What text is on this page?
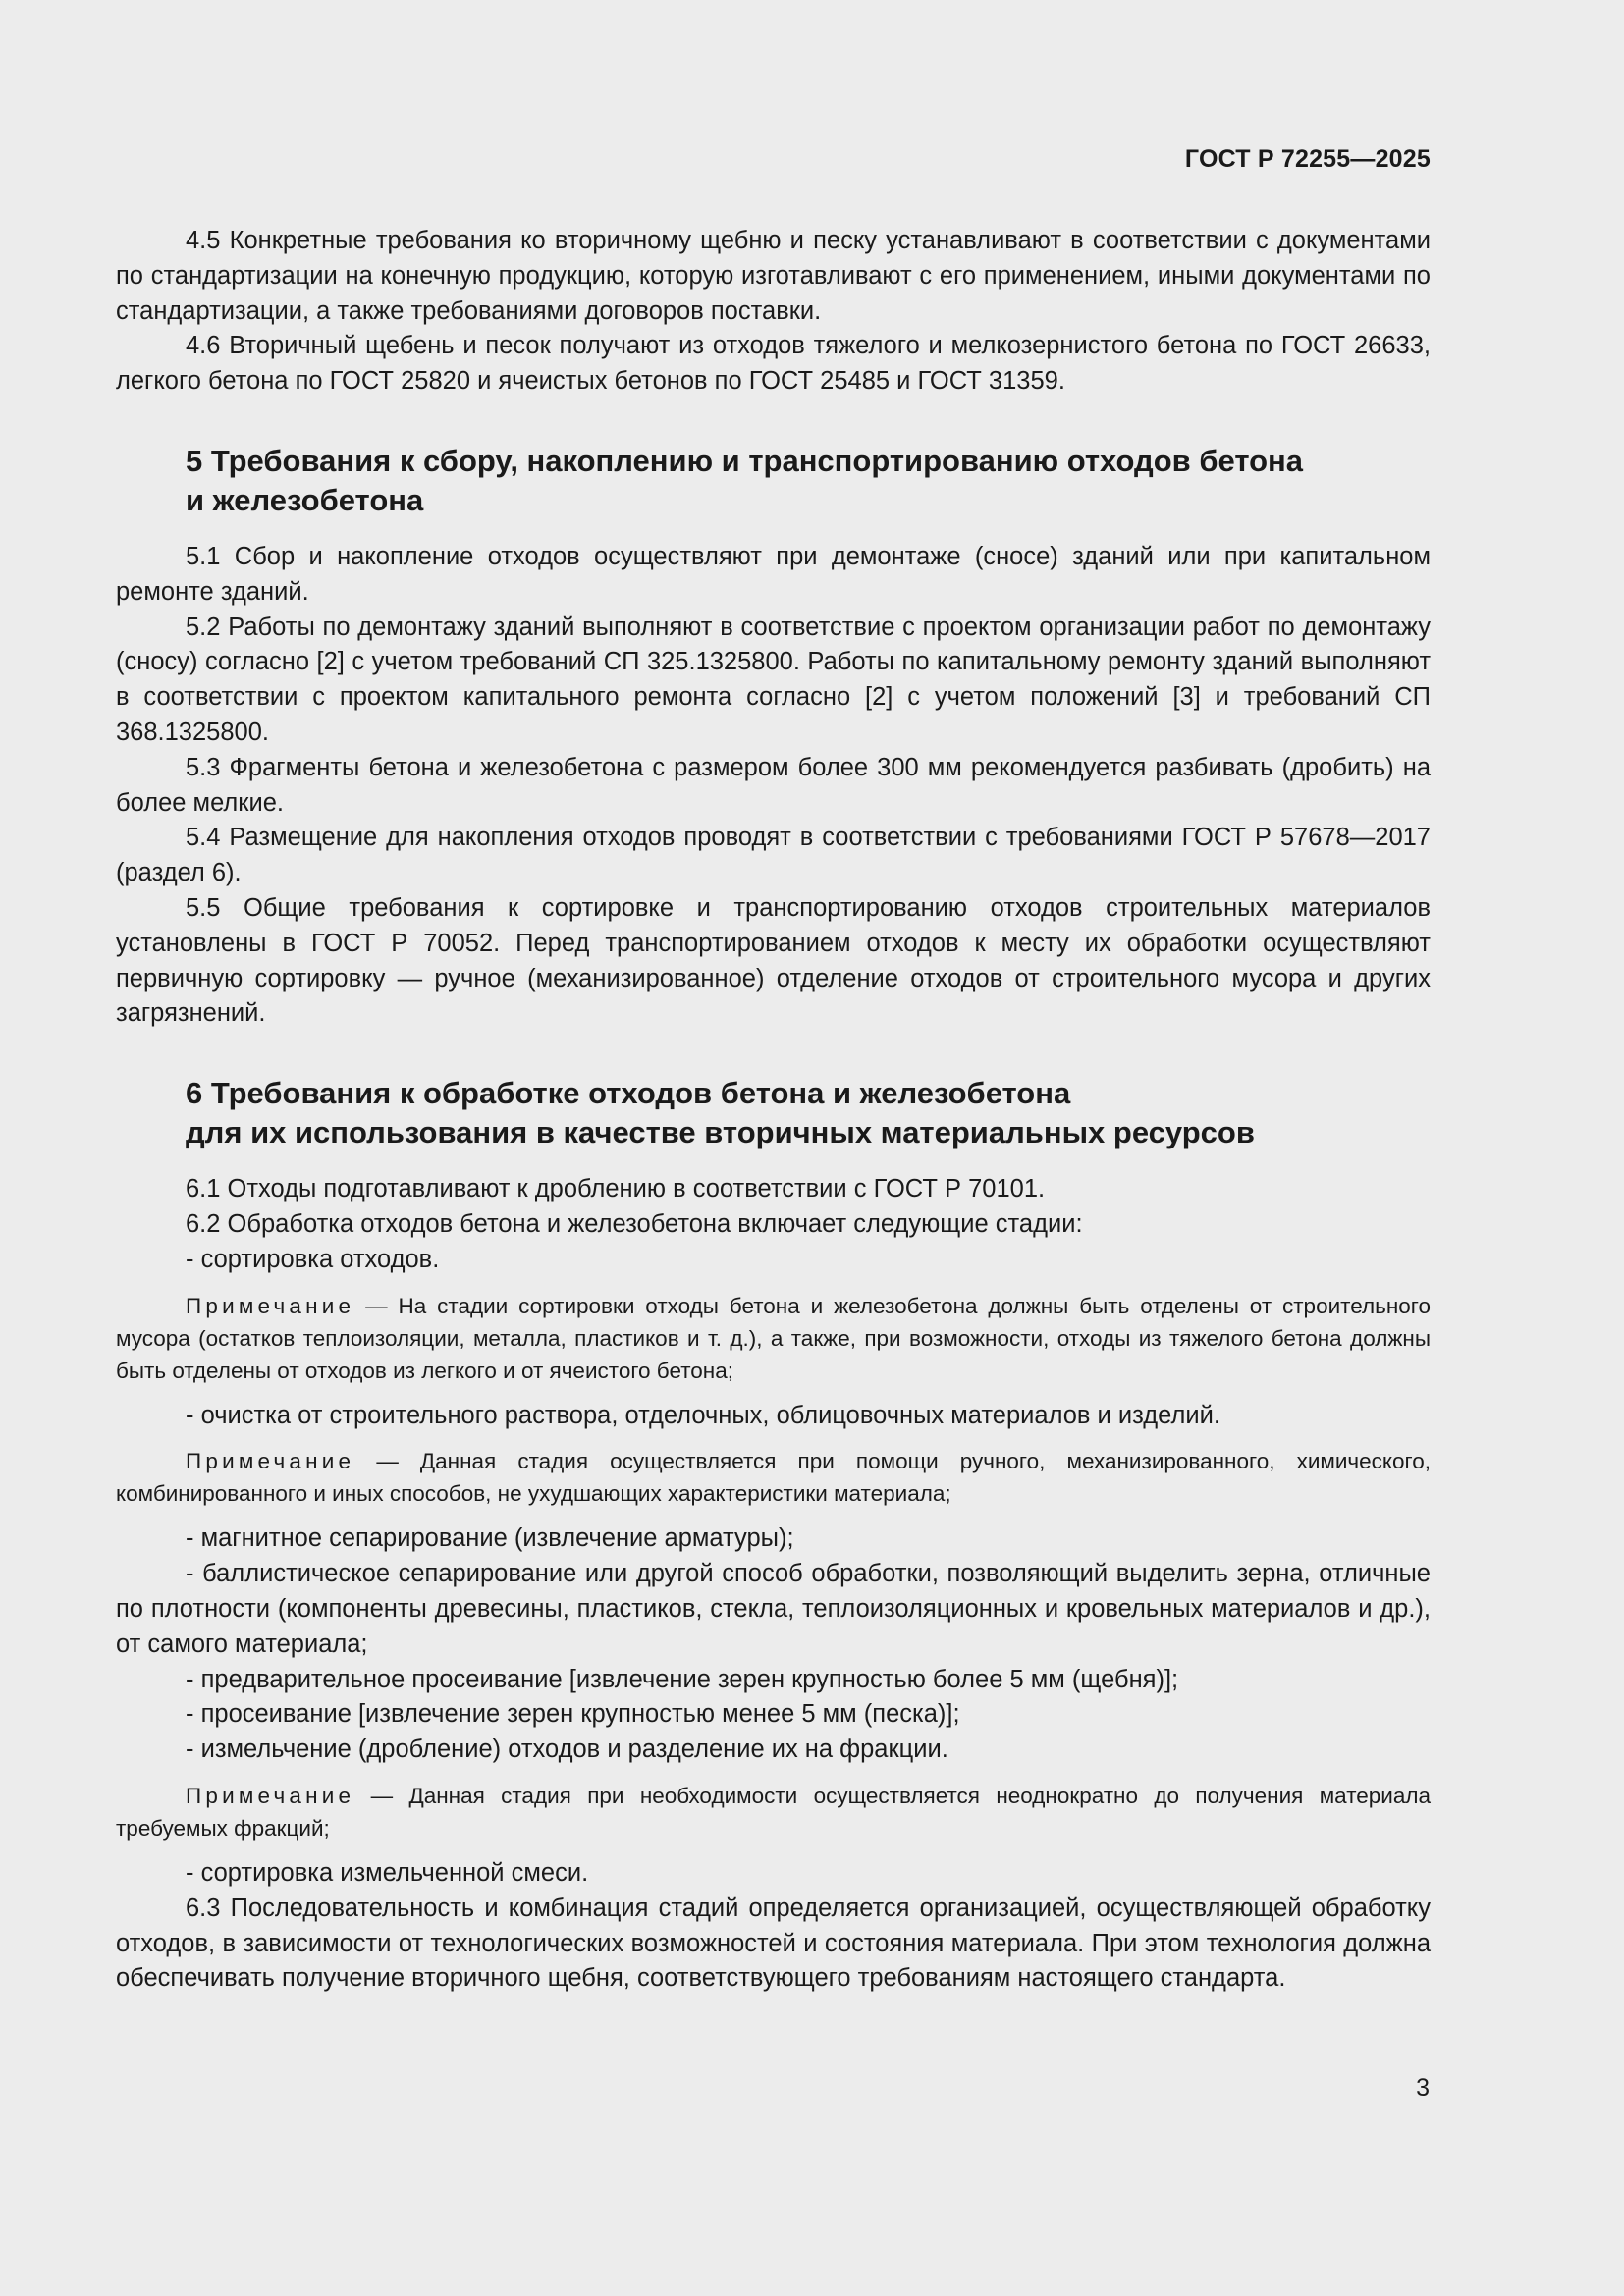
ГОСТ Р 72255—2025

4.5 Конкретные требования ко вторичному щебню и песку устанавливают в соответствии с документами по стандартизации на конечную продукцию, которую изготавливают с его применением, иными документами по стандартизации, а также требованиями договоров поставки.

4.6 Вторичный щебень и песок получают из отходов тяжелого и мелкозернистого бетона по ГОСТ 26633, легкого бетона по ГОСТ 25820 и ячеистых бетонов по ГОСТ 25485 и ГОСТ 31359.

5 Требования к сбору, накоплению и транспортированию отходов бетона
и железобетона

5.1 Сбор и накопление отходов осуществляют при демонтаже (сносе) зданий или при капитальном ремонте зданий.

5.2 Работы по демонтажу зданий выполняют в соответствие с проектом организации работ по демонтажу (сносу) согласно [2] с учетом требований СП 325.1325800. Работы по капитальному ремонту зданий выполняют в соответствии с проектом капитального ремонта согласно [2] с учетом положений [3] и требований СП 368.1325800.

5.3 Фрагменты бетона и железобетона с размером более 300 мм рекомендуется разбивать (дробить) на более мелкие.

5.4 Размещение для накопления отходов проводят в соответствии с требованиями ГОСТ Р 57678—2017 (раздел 6).

5.5 Общие требования к сортировке и транспортированию отходов строительных материалов установлены в ГОСТ Р 70052. Перед транспортированием отходов к месту их обработки осуществляют первичную сортировку — ручное (механизированное) отделение отходов от строительного мусора и других загрязнений.

6 Требования к обработке отходов бетона и железобетона
для их использования в качестве вторичных материальных ресурсов

6.1 Отходы подготавливают к дроблению в соответствии с ГОСТ Р 70101.

6.2 Обработка отходов бетона и железобетона включает следующие стадии:

- сортировка отходов.

Примечание — На стадии сортировки отходы бетона и железобетона должны быть отделены от строительного мусора (остатков теплоизоляции, металла, пластиков и т. д.), а также, при возможности, отходы из тяжелого бетона должны быть отделены от отходов из легкого и от ячеистого бетона;

- очистка от строительного раствора, отделочных, облицовочных материалов и изделий.

Примечание — Данная стадия осуществляется при помощи ручного, механизированного, химического, комбинированного и иных способов, не ухудшающих характеристики материала;

- магнитное сепарирование (извлечение арматуры);

- баллистическое сепарирование или другой способ обработки, позволяющий выделить зерна, отличные по плотности (компоненты древесины, пластиков, стекла, теплоизоляционных и кровельных материалов и др.), от самого материала;

- предварительное просеивание [извлечение зерен крупностью более 5 мм (щебня)];

- просеивание [извлечение зерен крупностью менее 5 мм (песка)];

- измельчение (дробление) отходов и разделение их на фракции.

Примечание — Данная стадия при необходимости осуществляется неоднократно до получения материала требуемых фракций;

- сортировка измельченной смеси.

6.3 Последовательность и комбинация стадий определяется организацией, осуществляющей обработку отходов, в зависимости от технологических возможностей и состояния материала. При этом технология должна обеспечивать получение вторичного щебня, соответствующего требованиям настоящего стандарта.

3
